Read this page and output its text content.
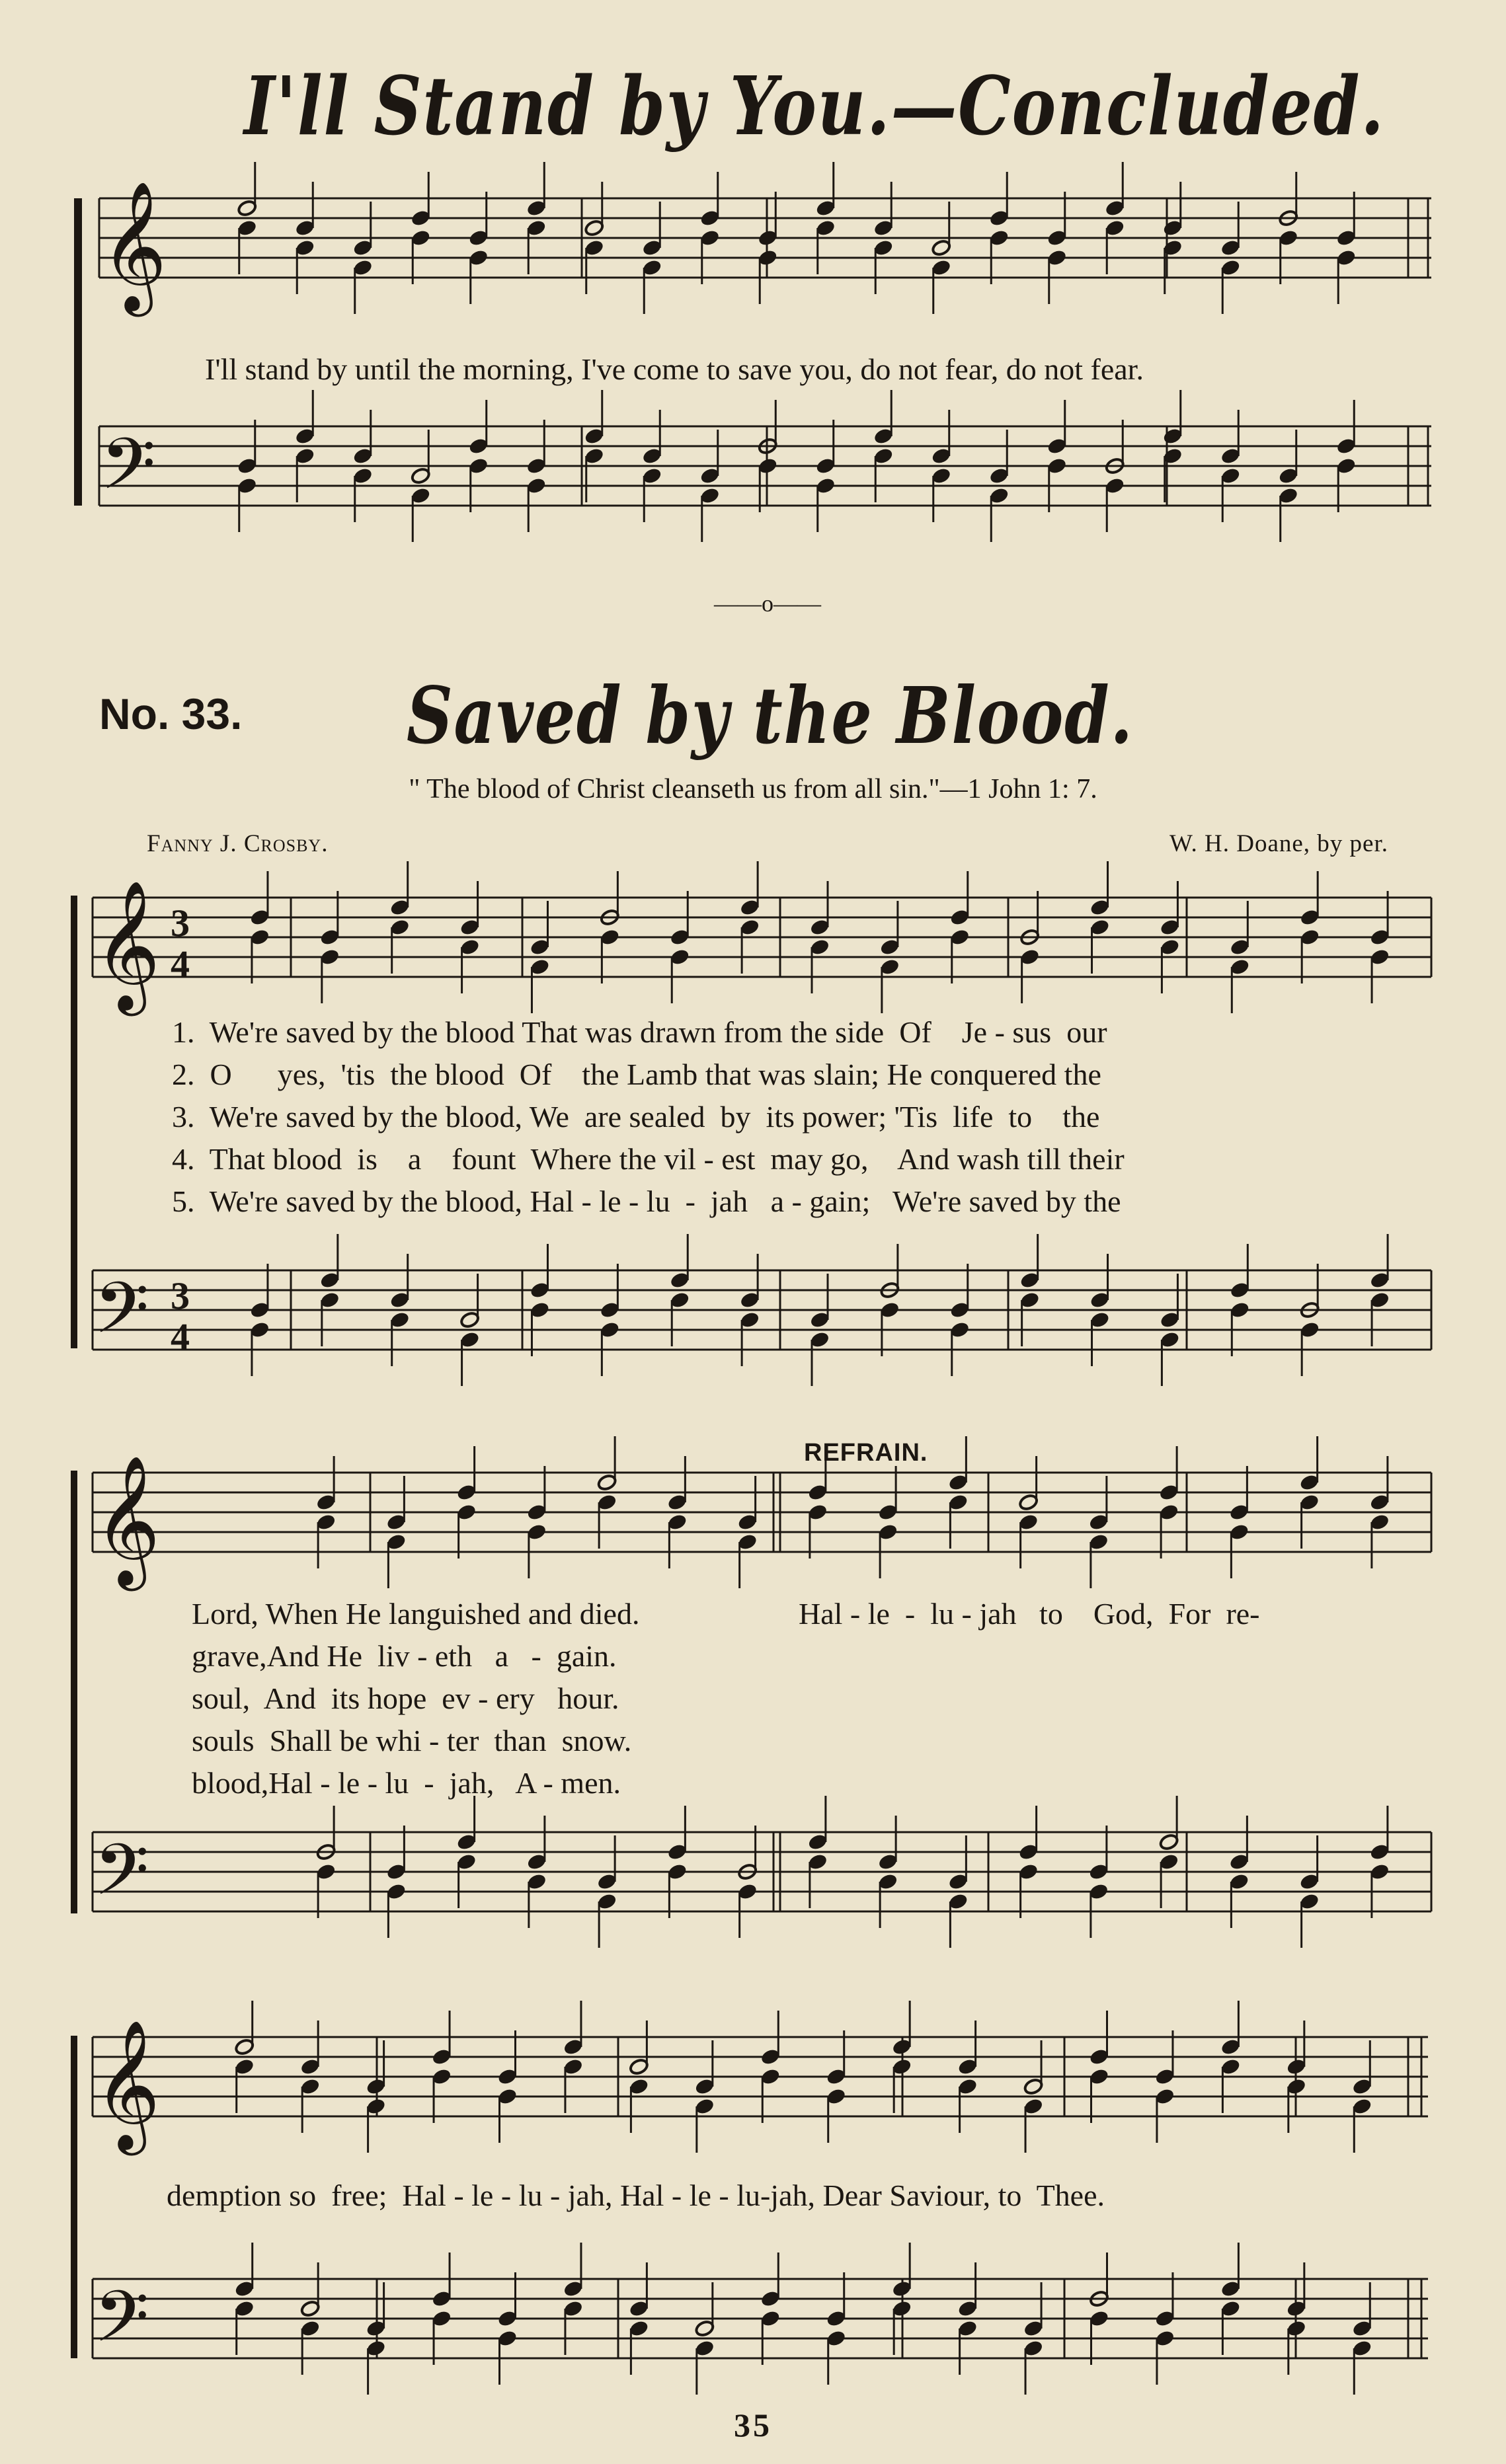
I'll Stand by You.—Concluded.
I'll stand by until the morning, I've come to save you, do not fear, do not fear.
——o——
No. 33. Saved by the Blood.
" The blood of Christ cleanseth us from all sin."—1 John 1: 7.
Fanny J. Crosby.	W. H. Doane, by per.
1.  We're saved by the blood That was drawn from the side  Of    Je - sus  our
2.  O      yes,  'tis  the blood  Of    the Lamb that was slain; He conquered the
3.  We're saved by the blood, We  are sealed  by  its power; 'Tis  life  to    the
4.  That blood  is    a    fount  Where the vil - est  may go,    And wash till their
5.  We're saved by the blood, Hal - le - lu  -  jah   a - gain;   We're saved by the
REFRAIN.
Lord, When He languished and died.
grave,And He  liv - eth   a   -  gain.
soul,  And  its hope  ev - ery   hour.
souls  Shall be whi - ter  than  snow.
blood,Hal - le - lu  -  jah,   A - men.
Hal - le  -  lu - jah   to    God,  For  re-
demption so  free;  Hal - le - lu - jah, Hal - le - lu-jah, Dear Saviour, to  Thee.
35
𝄞
𝄢
𝄞 3
4
𝄢 3
4
𝄞
𝄢
𝄞
𝄢
